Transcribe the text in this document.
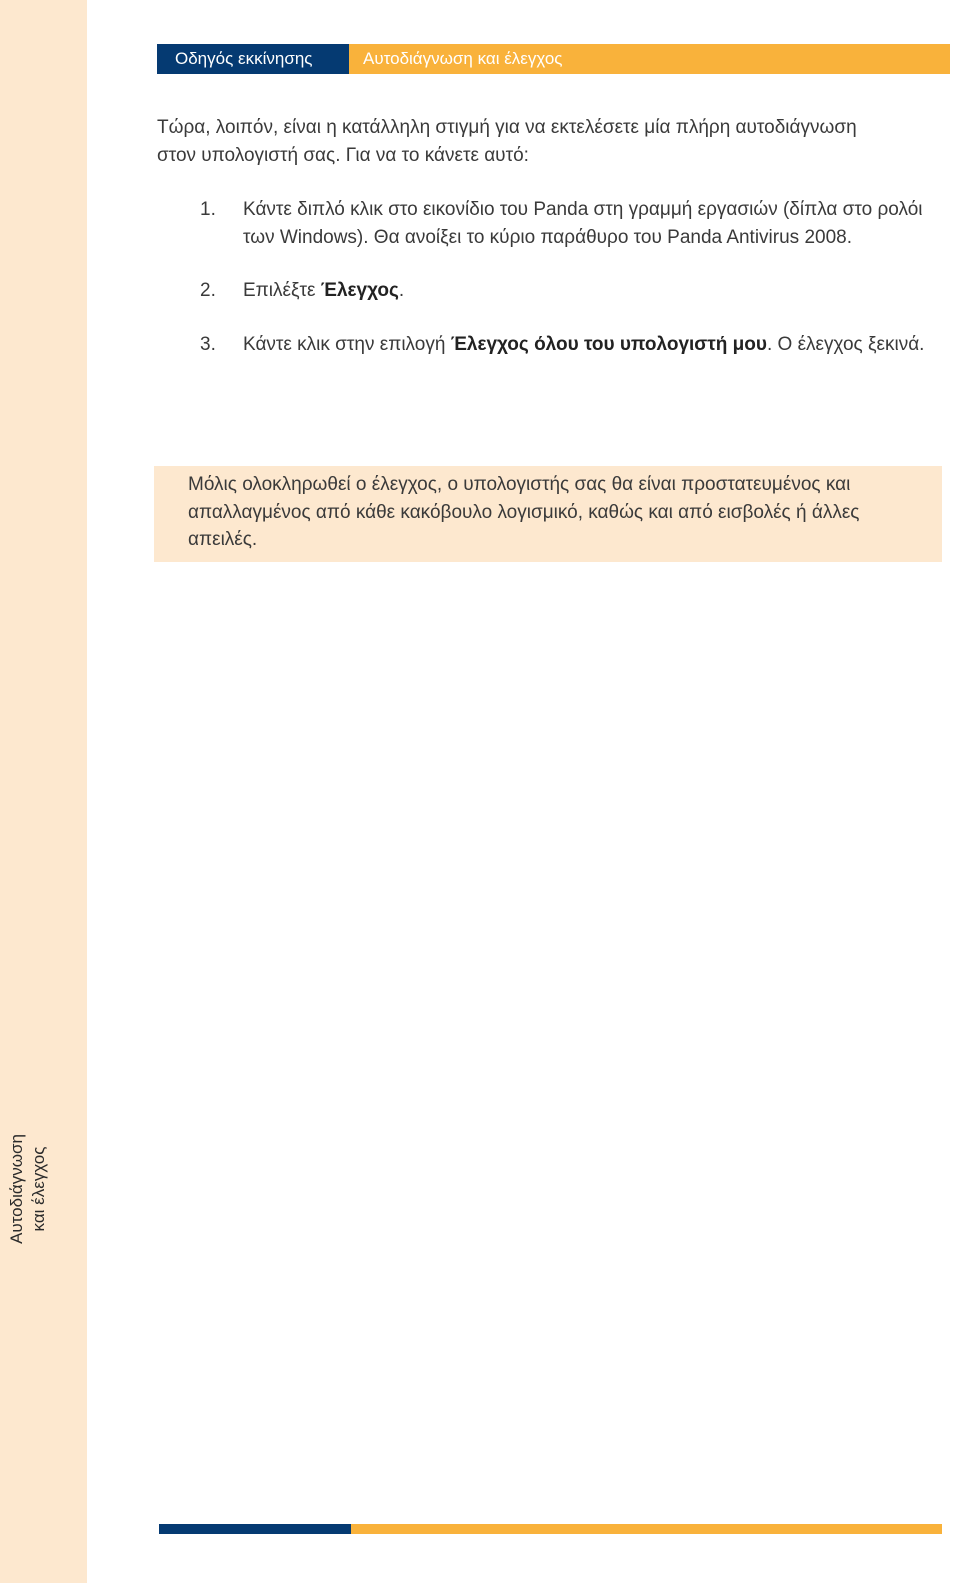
Αυτοδιάγνωση και έλεγχος
Οδηγός εκκίνησης	Αυτοδιάγνωση και έλεγχος

Τώρα, λοιπόν, είναι η κατάλληλη στιγμή για να εκτελέσετε μία πλήρη αυτοδιάγνωση στον υπολογιστή σας. Για να το κάνετε αυτό:

1.	Κάντε διπλό κλικ στο εικονίδιο του Panda στη γραμμή εργασιών (δίπλα στο ρολόι των Windows). Θα ανοίξει το κύριο παράθυρο του Panda Antivirus 2008.
2.	Επιλέξτε Έλεγχος.
3.	Κάντε κλικ στην επιλογή Έλεγχος όλου του υπολογιστή μου. Ο έλεγχος ξεκινά.
Μόλις ολοκληρωθεί ο έλεγχος, ο υπολογιστής σας θα είναι προστατευμένος και απαλλαγμένος από κάθε κακόβουλο λογισμικό, καθώς και από εισβολές ή άλλες απειλές.
